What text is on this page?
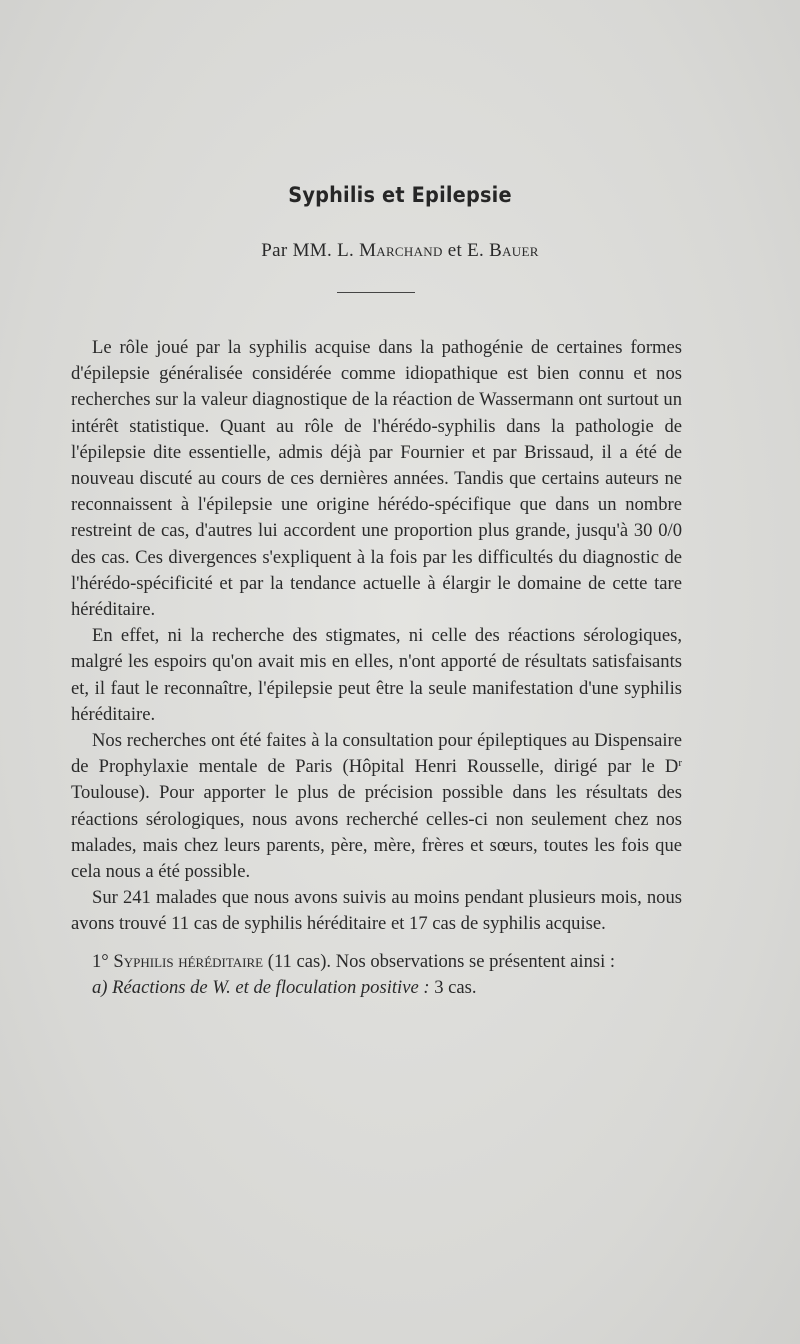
Syphilis et Epilepsie
Par MM. L. Marchand et E. Bauer

Le rôle joué par la syphilis acquise dans la pathogénie de certaines formes d'épilepsie généralisée considérée comme idiopathique est bien connu et nos recherches sur la valeur diagnostique de la réaction de Wassermann ont surtout un intérêt statistique. Quant au rôle de l'hérédo-syphilis dans la pathologie de l'épilepsie dite essentielle, admis déjà par Fournier et par Brissaud, il a été de nouveau discuté au cours de ces dernières années. Tandis que certains auteurs ne reconnaissent à l'épilepsie une origine hérédo-spécifique que dans un nombre restreint de cas, d'autres lui accordent une proportion plus grande, jusqu'à 30 0/0 des cas. Ces divergences s'expliquent à la fois par les difficultés du diagnostic de l'hérédo-spécificité et par la tendance actuelle à élargir le domaine de cette tare héréditaire.

En effet, ni la recherche des stigmates, ni celle des réactions sérologiques, malgré les espoirs qu'on avait mis en elles, n'ont apporté de résultats satisfaisants et, il faut le reconnaître, l'épilepsie peut être la seule manifestation d'une syphilis héréditaire.

Nos recherches ont été faites à la consultation pour épileptiques au Dispensaire de Prophylaxie mentale de Paris (Hôpital Henri Rousselle, dirigé par le $D^r$ Toulouse). Pour apporter le plus de précision possible dans les résultats des réactions sérologiques, nous avons recherché celles-ci non seulement chez nos malades, mais chez leurs parents, père, mère, frères et sœurs, toutes les fois que cela nous a été possible.

Sur 241 malades que nous avons suivis au moins pendant plusieurs mois, nous avons trouvé 11 cas de syphilis héréditaire et 17 cas de syphilis acquise.

1° Syphilis héréditaire (11 cas). Nos observations se présentent ainsi :

a) Réactions de W. et de floculation positive : 3 cas.
